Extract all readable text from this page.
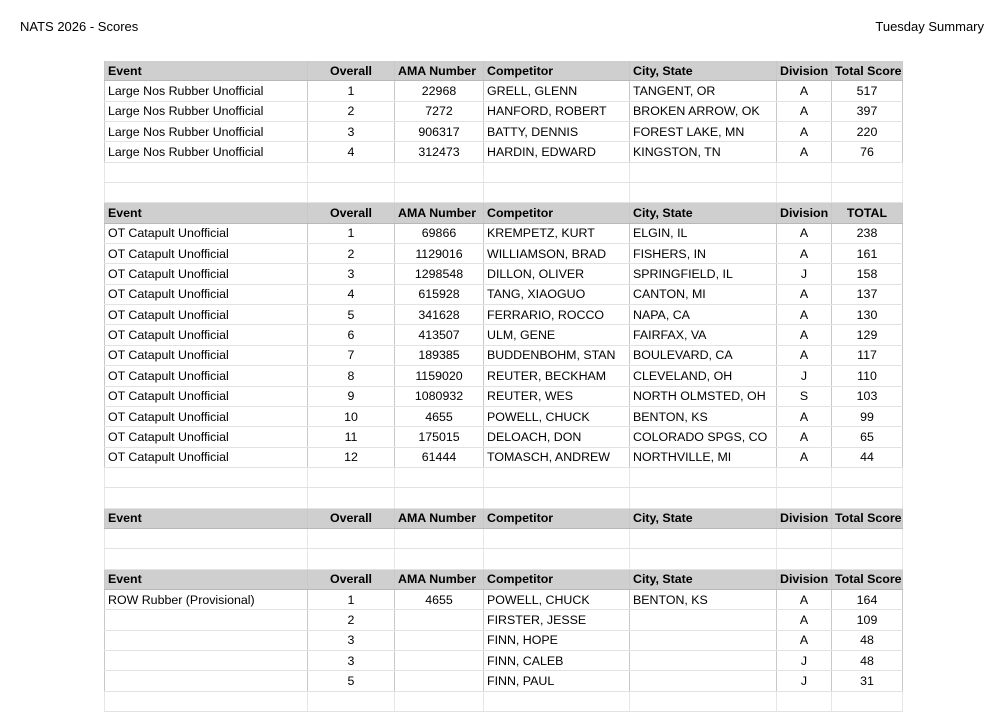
NATS 2026 - Scores	Tuesday Summary
Event	Overall	AMA Number	Competitor	City, State	Division	Total Score
Large Nos Rubber Unofficial	1	22968	GRELL, GLENN	TANGENT, OR	A	517
Large Nos Rubber Unofficial	2	7272	HANFORD, ROBERT	BROKEN ARROW, OK	A	397
Large Nos Rubber Unofficial	3	906317	BATTY, DENNIS	FOREST LAKE, MN	A	220
Large Nos Rubber Unofficial	4	312473	HARDIN, EDWARD	KINGSTON, TN	A	76

Event	Overall	AMA Number	Competitor	City, State	Division	TOTAL
OT Catapult Unofficial	1	69866	KREMPETZ, KURT	ELGIN, IL	A	238
OT Catapult Unofficial	2	1129016	WILLIAMSON, BRAD	FISHERS, IN	A	161
OT Catapult Unofficial	3	1298548	DILLON, OLIVER	SPRINGFIELD, IL	J	158
OT Catapult Unofficial	4	615928	TANG, XIAOGUO	CANTON, MI	A	137
OT Catapult Unofficial	5	341628	FERRARIO, ROCCO	NAPA, CA	A	130
OT Catapult Unofficial	6	413507	ULM, GENE	FAIRFAX, VA	A	129
OT Catapult Unofficial	7	189385	BUDDENBOHM, STAN	BOULEVARD, CA	A	117
OT Catapult Unofficial	8	1159020	REUTER, BECKHAM	CLEVELAND, OH	J	110
OT Catapult Unofficial	9	1080932	REUTER, WES	NORTH OLMSTED, OH	S	103
OT Catapult Unofficial	10	4655	POWELL, CHUCK	BENTON, KS	A	99
OT Catapult Unofficial	11	175015	DELOACH, DON	COLORADO SPGS, CO	A	65
OT Catapult Unofficial	12	61444	TOMASCH, ANDREW	NORTHVILLE, MI	A	44

Event	Overall	AMA Number	Competitor	City, State	Division	Total Score

Event	Overall	AMA Number	Competitor	City, State	Division	Total Score
ROW Rubber (Provisional)	1	4655	POWELL, CHUCK	BENTON, KS	A	164
	2		FIRSTER, JESSE		A	109
	3		FINN, HOPE		A	48
	3		FINN, CALEB		J	48
	5		FINN, PAUL		J	31
